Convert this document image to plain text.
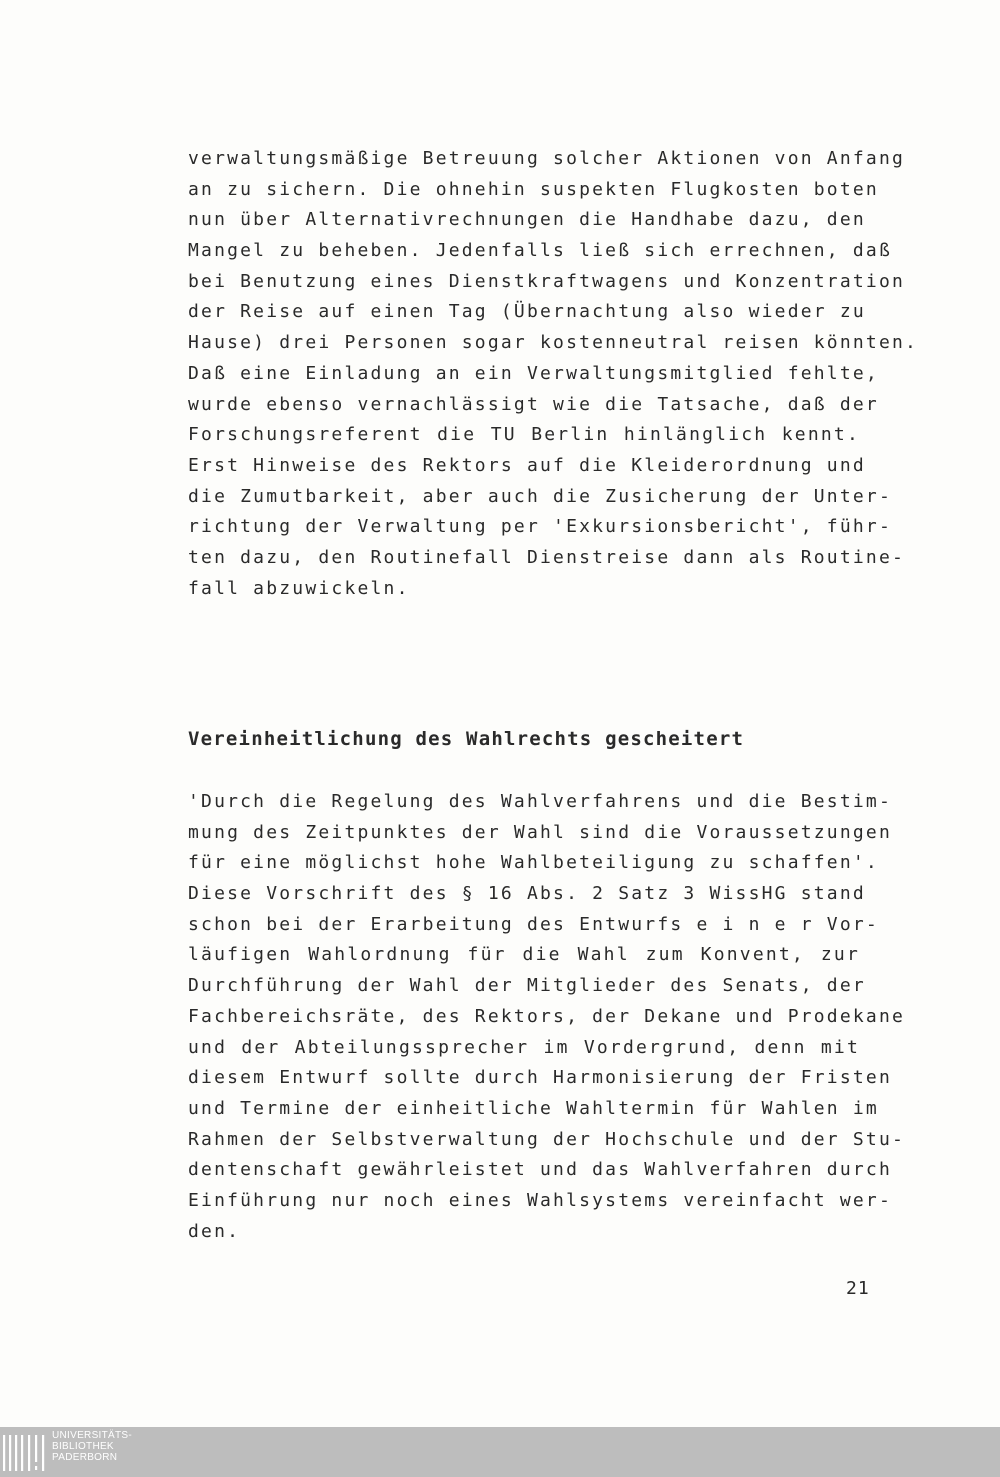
verwaltungsmäßige Betreuung solcher Aktionen von Anfang
an zu sichern. Die ohnehin suspekten Flugkosten boten
nun über Alternativrechnungen die Handhabe dazu, den
Mangel zu beheben. Jedenfalls ließ sich errechnen, daß
bei Benutzung eines Dienstkraftwagens und Konzentration
der Reise auf einen Tag (Übernachtung also wieder zu
Hause) drei Personen sogar kostenneutral reisen könnten.
Daß eine Einladung an ein Verwaltungsmitglied fehlte,
wurde ebenso vernachlässigt wie die Tatsache, daß der
Forschungsreferent die TU Berlin hinlänglich kennt.
Erst Hinweise des Rektors auf die Kleiderordnung und
die Zumutbarkeit, aber auch die Zusicherung der Unter-
richtung der Verwaltung per 'Exkursionsbericht', führ-
ten dazu, den Routinefall Dienstreise dann als Routine-
fall abzuwickeln.
Vereinheitlichung des Wahlrechts gescheitert
'Durch die Regelung des Wahlverfahrens und die Bestim-
mung des Zeitpunktes der Wahl sind die Voraussetzungen
für eine möglichst hohe Wahlbeteiligung zu schaffen'.
Diese Vorschrift des § 16 Abs. 2 Satz 3 WissHG stand
schon bei der Erarbeitung des Entwurfs e i n e r Vor-
läufigen Wahlordnung für die Wahl zum Konvent, zur
Durchführung der Wahl der Mitglieder des Senats, der
Fachbereichsräte, des Rektors, der Dekane und Prodekane
und der Abteilungssprecher im Vordergrund, denn mit
diesem Entwurf sollte durch Harmonisierung der Fristen
und Termine der einheitliche Wahltermin für Wahlen im
Rahmen der Selbstverwaltung der Hochschule und der Stu-
dentenschaft gewährleistet und das Wahlverfahren durch
Einführung nur noch eines Wahlsystems vereinfacht wer-
den.
21
UNIVERSITÄTS-
BIBLIOTHEK
PADERBORN
